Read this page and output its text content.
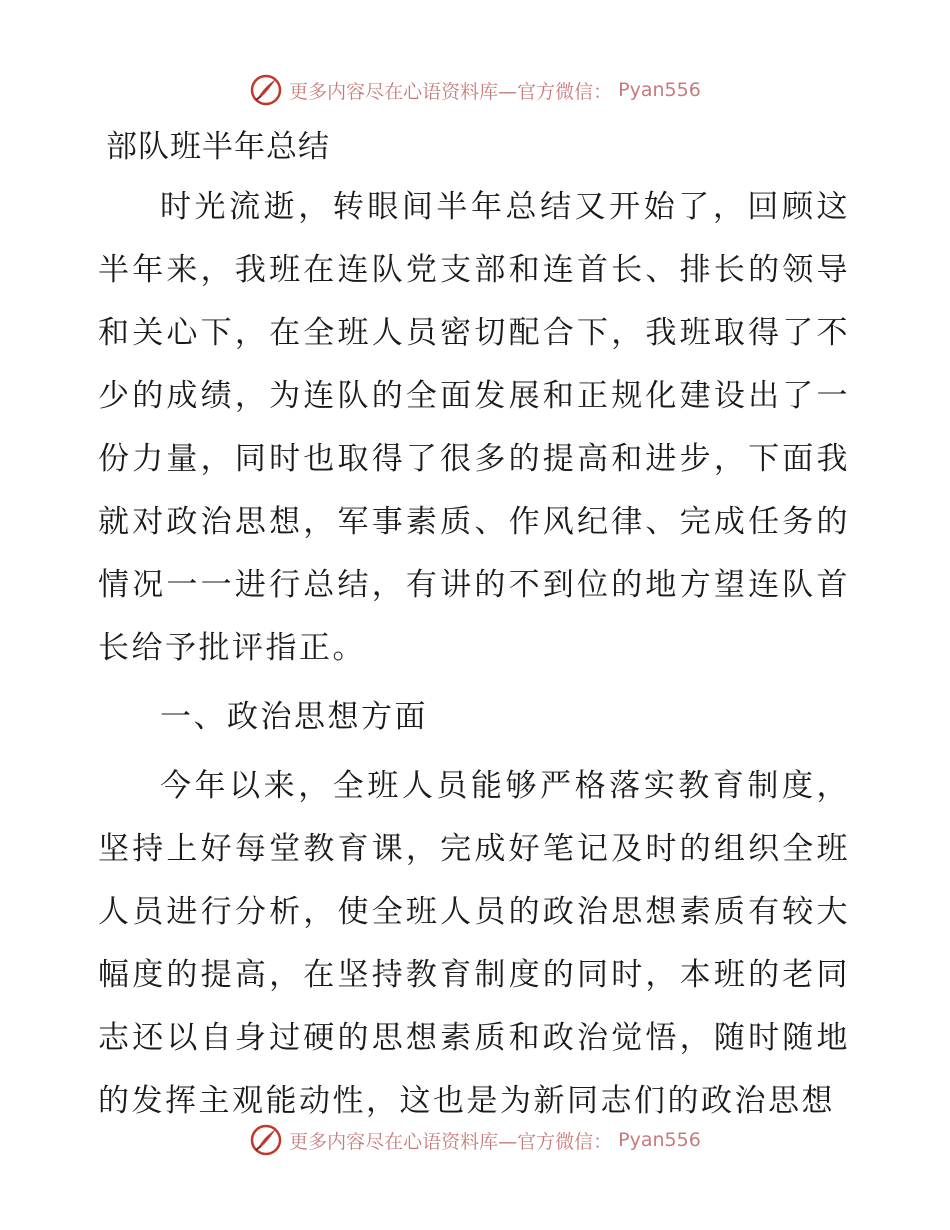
更多内容尽在心语资料库—官方微信： Pyan556
部队班半年总结

时光流逝，转眼间半年总结又开始了，回顾这半年来，我班在连队党支部和连首长、排长的领导和关心下，在全班人员密切配合下，我班取得了不少的成绩，为连队的全面发展和正规化建设出了一份力量，同时也取得了很多的提高和进步，下面我就对政治思想，军事素质、作风纪律、完成任务的情况一一进行总结，有讲的不到位的地方望连队首长给予批评指正。

一、政治思想方面

今年以来，全班人员能够严格落实教育制度，坚持上好每堂教育课，完成好笔记及时的组织全班人员进行分析，使全班人员的政治思想素质有较大幅度的提高，在坚持教育制度的同时，本班的老同志还以自身过硬的思想素质和政治觉悟，随时随地的发挥主观能动性，这也是为新同志们的政治思想

更多内容尽在心语资料库—官方微信： Pyan556
